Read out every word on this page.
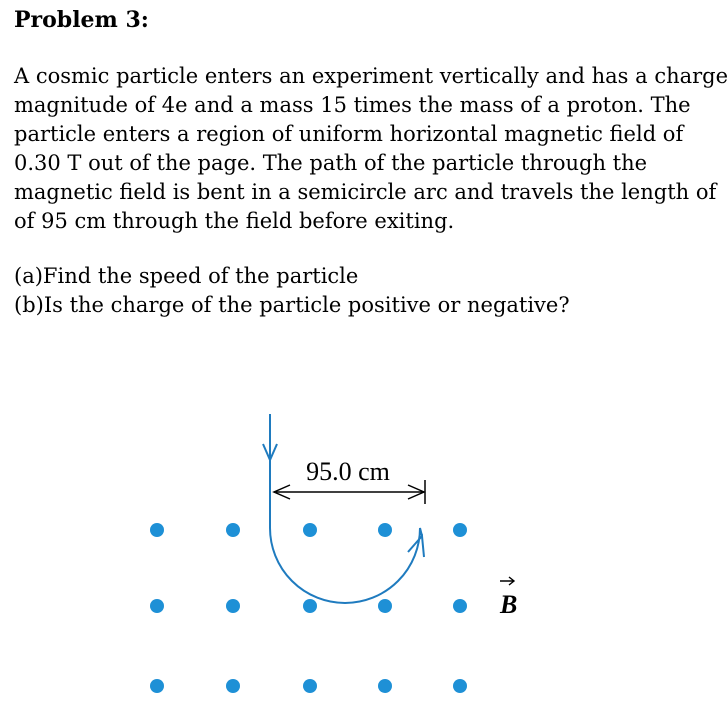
Problem 3:
A cosmic particle enters an experiment vertically and has a charge
magnitude of 4e and a mass 15 times the mass of a proton. The
particle enters a region of uniform horizontal magnetic field of
0.30 T out of the page. The path of the particle through the
magnetic field is bent in a semicircle arc and travels the length of
of 95 cm through the field before exiting.
(a)Find the speed of the particle
(b)Is the charge of the particle positive or negative?
95.0 cm
B
